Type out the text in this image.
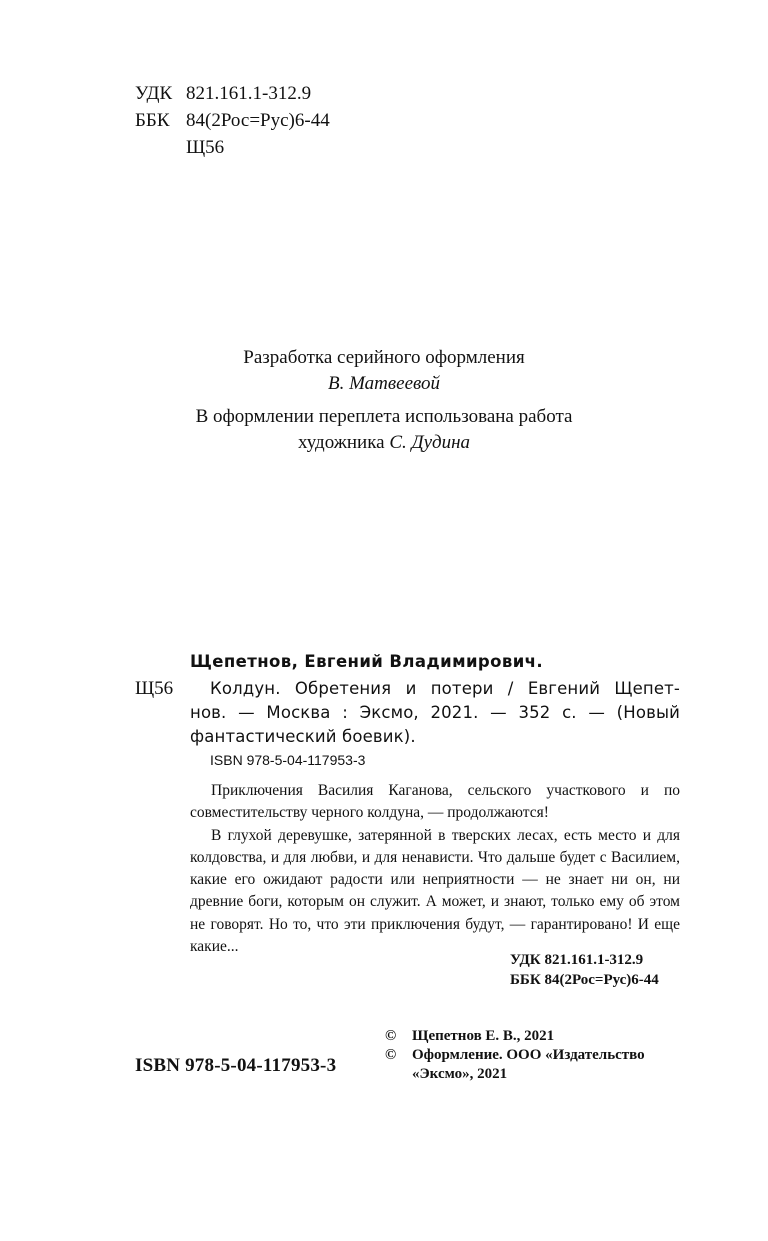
УДК 821.161.1-312.9
ББК 84(2Рос=Рус)6-44
Щ56
Разработка серийного оформления
В. Матвеевой
В оформлении переплета использована работа
художника С. Дудина
Щепетнов, Евгений Владимирович.
Щ56 Колдун. Обретения и потери / Евгений Щепет-
нов. — Москва : Эксмо, 2021. — 352 с. — (Новый
фантастический боевик).
ISBN 978-5-04-117953-3

Приключения Василия Каганова, сельского участкового и по совместительству черного колдуна, — продолжаются!

В глухой деревушке, затерянной в тверских лесах, есть место и для колдовства, и для любви, и для ненависти. Что дальше будет с Василием, какие его ожидают радости или неприятности — не знает ни он, ни древние боги, которым он служит. А может, и знают, только ему об этом не говорят. Но то, что эти приключения будут, — гарантировано! И еще какие...

УДК 821.161.1-312.9
ББК 84(2Рос=Рус)6-44
ISBN 978-5-04-117953-3
© Щепетнов Е. В., 2021
© Оформление. ООО «Издательство
«Эксмо», 2021
